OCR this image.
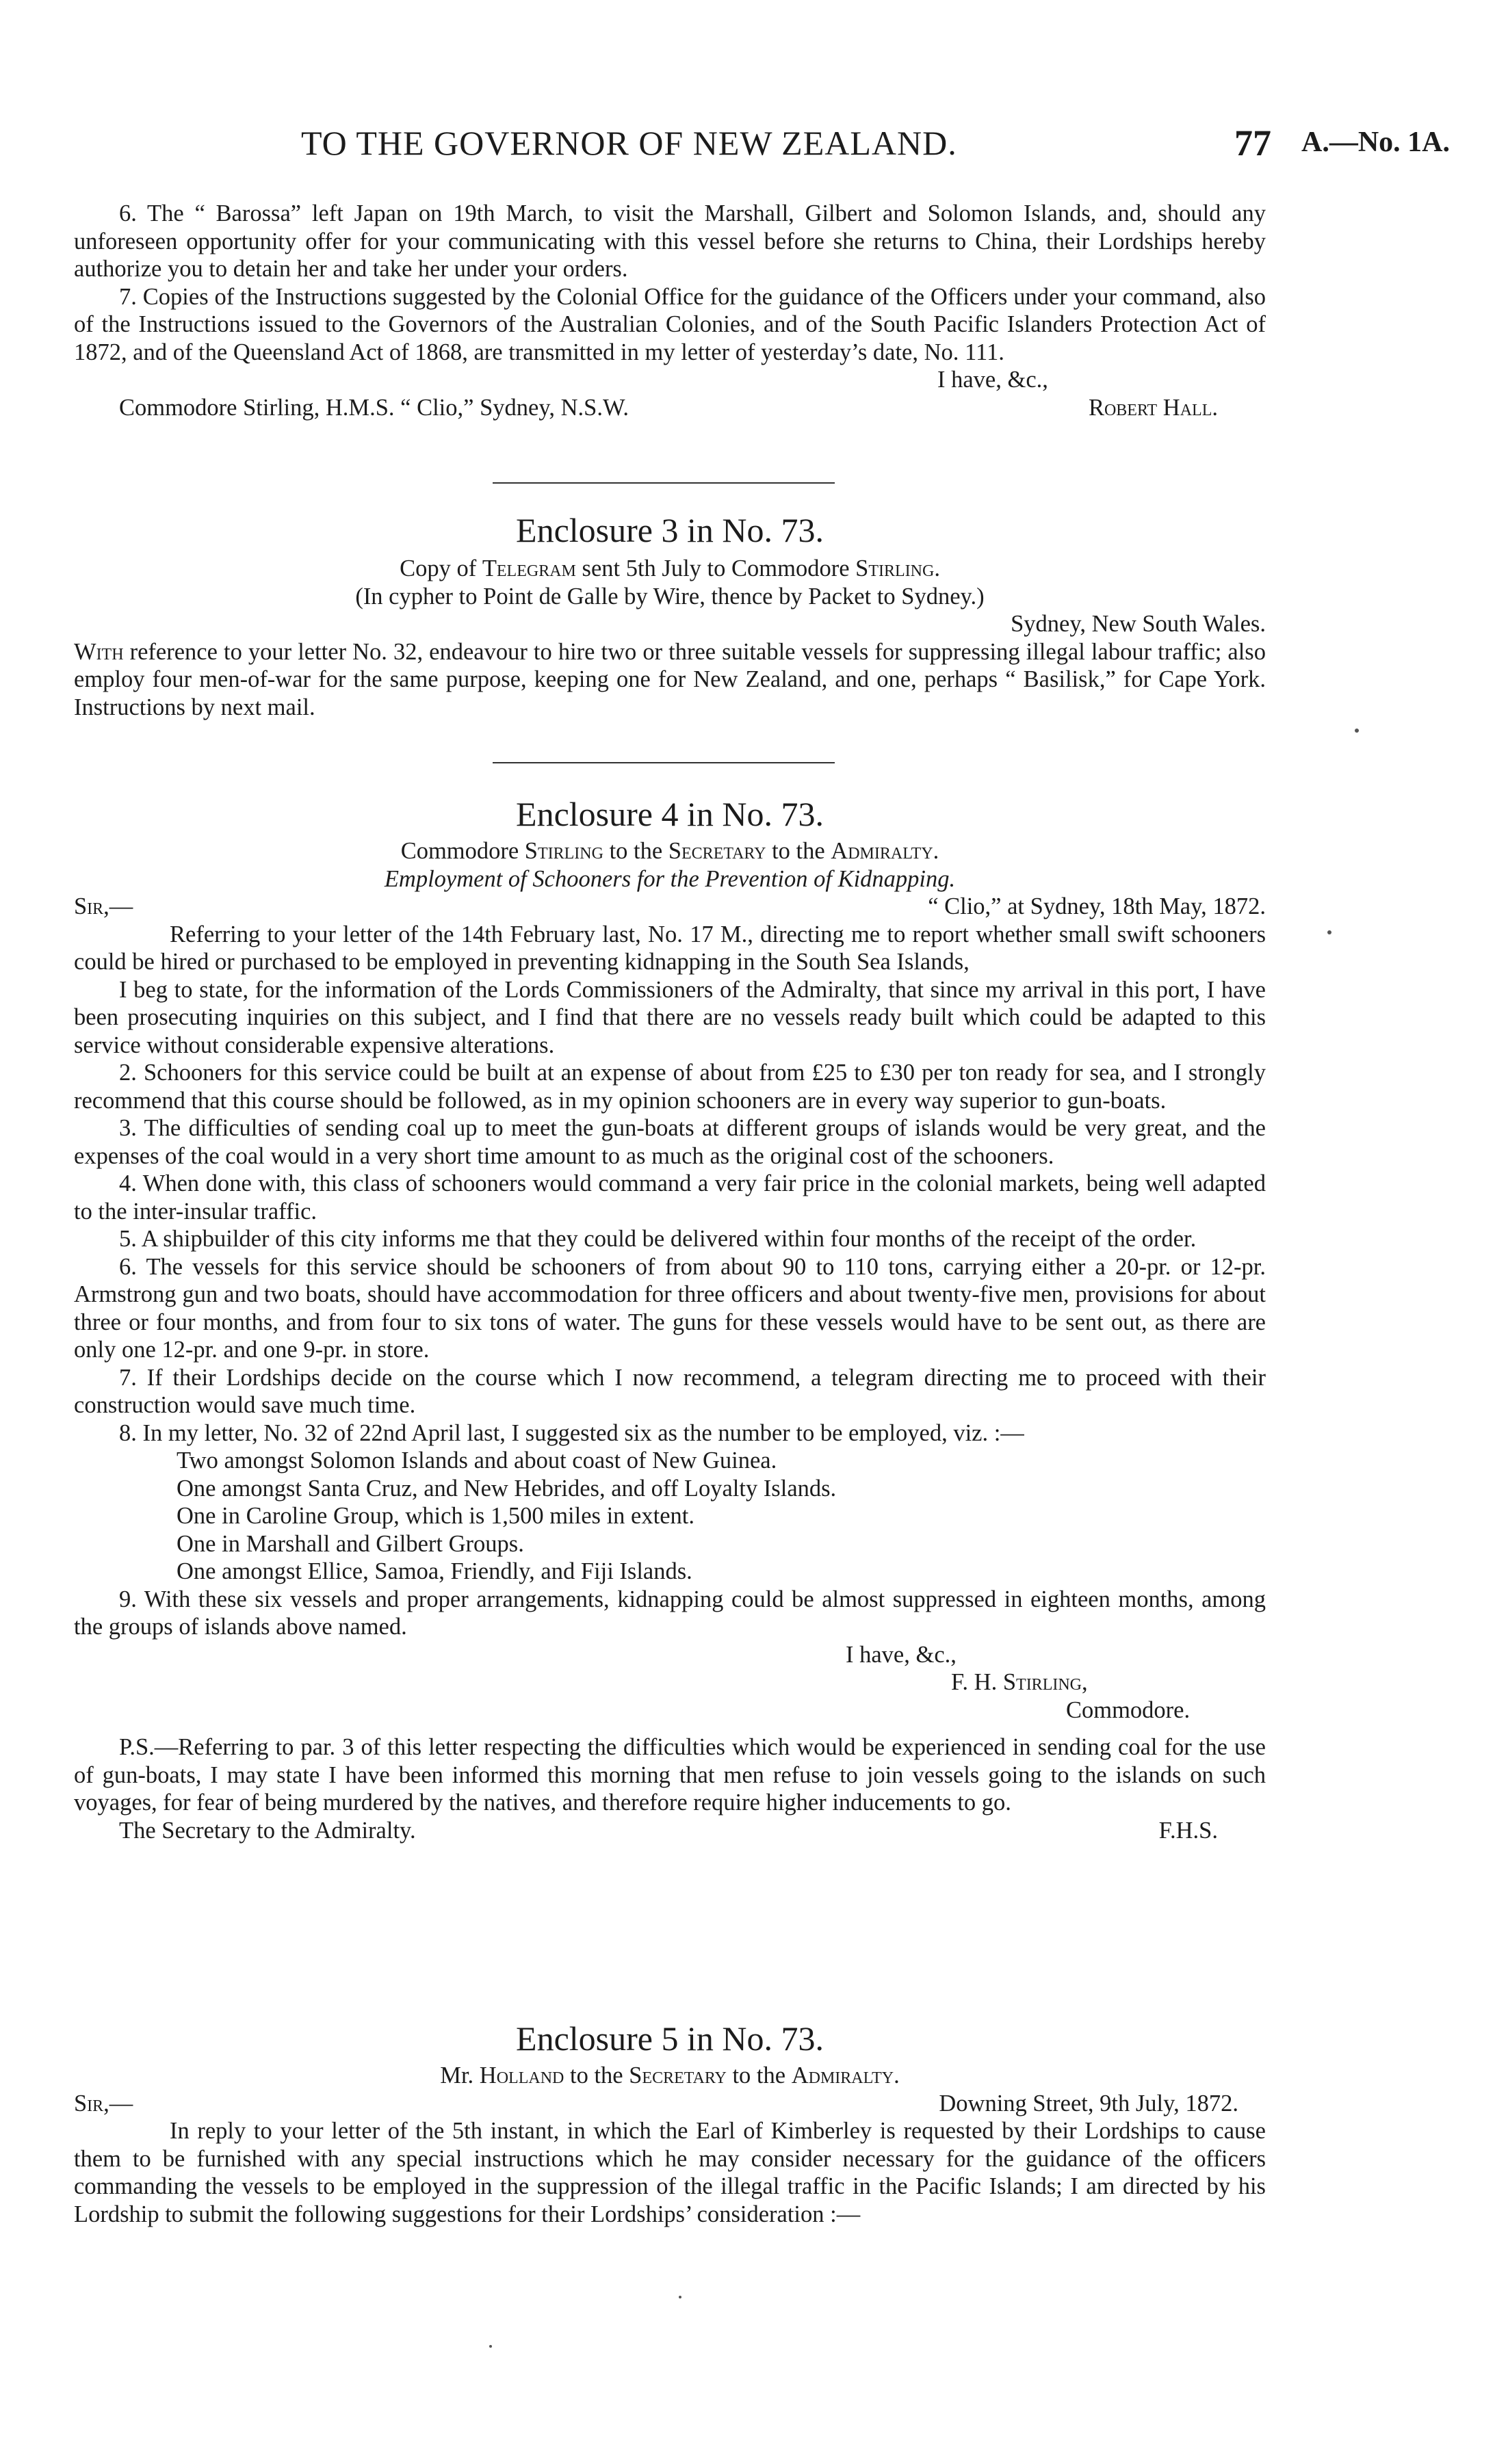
TO THE GOVERNOR OF NEW ZEALAND.	77 A.—No. 1A.

6. The “ Barossa” left Japan on 19th March, to visit the Marshall, Gilbert and Solomon Islands, and, should any unforeseen opportunity offer for your communicating with this vessel before she returns to China, their Lordships hereby authorize you to detain her and take her under your orders.

7. Copies of the Instructions suggested by the Colonial Office for the guidance of the Officers under your command, also of the Instructions issued to the Governors of the Australian Colonies, and of the South Pacific Islanders Protection Act of 1872, and of the Queensland Act of 1868, are transmitted in my letter of yesterday’s date, No. 111.

I have, &c.,

Commodore Stirling, H.M.S. “ Clio,” Sydney, N.S.W.	Robert Hall.

Enclosure 3 in No. 73.

Copy of Telegram sent 5th July to Commodore Stirling.

(In cypher to Point de Galle by Wire, thence by Packet to Sydney.)

Sydney, New South Wales.

With reference to your letter No. 32, endeavour to hire two or three suitable vessels for suppressing illegal labour traffic; also employ four men-of-war for the same purpose, keeping one for New Zealand, and one, perhaps “ Basilisk,” for Cape York. Instructions by next mail.

Enclosure 4 in No. 73.

Commodore Stirling to the Secretary to the Admiralty.

Employment of Schooners for the Prevention of Kidnapping.

Sir,—	“ Clio,” at Sydney, 18th May, 1872.

Referring to your letter of the 14th February last, No. 17 M., directing me to report whether small swift schooners could be hired or purchased to be employed in preventing kidnapping in the South Sea Islands,

I beg to state, for the information of the Lords Commissioners of the Admiralty, that since my arrival in this port, I have been prosecuting inquiries on this subject, and I find that there are no vessels ready built which could be adapted to this service without considerable expensive alterations.

2. Schooners for this service could be built at an expense of about from £25 to £30 per ton ready for sea, and I strongly recommend that this course should be followed, as in my opinion schooners are in every way superior to gun-boats.

3. The difficulties of sending coal up to meet the gun-boats at different groups of islands would be very great, and the expenses of the coal would in a very short time amount to as much as the original cost of the schooners.

4. When done with, this class of schooners would command a very fair price in the colonial markets, being well adapted to the inter-insular traffic.

5. A shipbuilder of this city informs me that they could be delivered within four months of the receipt of the order.

6. The vessels for this service should be schooners of from about 90 to 110 tons, carrying either a 20-pr. or 12-pr. Armstrong gun and two boats, should have accommodation for three officers and about twenty-five men, provisions for about three or four months, and from four to six tons of water. The guns for these vessels would have to be sent out, as there are only one 12-pr. and one 9-pr. in store.

7. If their Lordships decide on the course which I now recommend, a telegram directing me to proceed with their construction would save much time.

8. In my letter, No. 32 of 22nd April last, I suggested six as the number to be employed, viz. :—

Two amongst Solomon Islands and about coast of New Guinea.

One amongst Santa Cruz, and New Hebrides, and off Loyalty Islands.

One in Caroline Group, which is 1,500 miles in extent.

One in Marshall and Gilbert Groups.

One amongst Ellice, Samoa, Friendly, and Fiji Islands.

9. With these six vessels and proper arrangements, kidnapping could be almost suppressed in eighteen months, among the groups of islands above named.

I have, &c.,

F. H. Stirling,

Commodore.

P.S.—Referring to par. 3 of this letter respecting the difficulties which would be experienced in sending coal for the use of gun-boats, I may state I have been informed this morning that men refuse to join vessels going to the islands on such voyages, for fear of being murdered by the natives, and therefore require higher inducements to go.

The Secretary to the Admiralty.	F.H.S.

Enclosure 5 in No. 73.

Mr. Holland to the Secretary to the Admiralty.

Sir,—	Downing Street, 9th July, 1872.

In reply to your letter of the 5th instant, in which the Earl of Kimberley is requested by their Lordships to cause them to be furnished with any special instructions which he may consider necessary for the guidance of the officers commanding the vessels to be employed in the suppression of the illegal traffic in the Pacific Islands; I am directed by his Lordship to submit the following suggestions for their Lordships’ consideration :—
